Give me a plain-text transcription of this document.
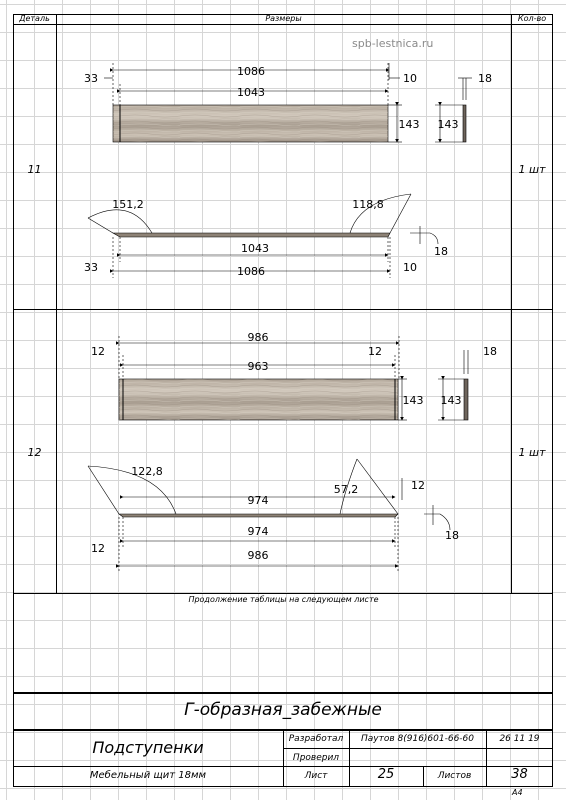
Деталь	Размеры	Кол-во
spb-lestnica.ru
11	1 шт
12	1 шт
1086
1043
33	10	18
143 143
151,2	118,8
1043
1086
33	10
18
986
963
12	12	18
143 143
122,8
57,2
974
974
986
12
12
18
Продолжение таблицы на следующем листе
Г-образная_забежные
Подступенки
Мебельный щит 18мм
Разработал	Паутов 8(916)601-66-60	26 11 19
Проверил
Лист	25	Листов	38
A4
